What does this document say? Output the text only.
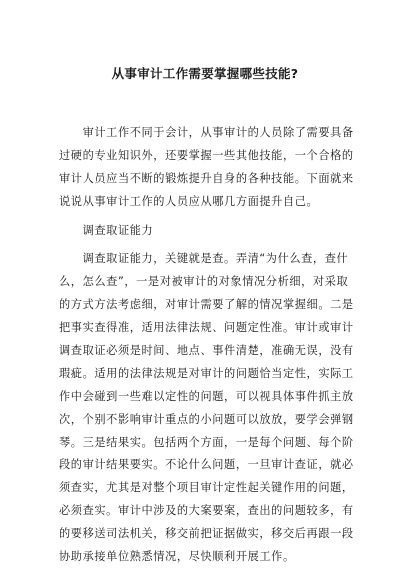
从事审计工作需要掌握哪些技能?
　　审计工作不同于会计，从事审计的人员除了需要具备
过硬的专业知识外，还要掌握一些其他技能，一个合格的
审计人员应当不断的锻炼提升自身的各种技能。下面就来
说说从事审计工作的人员应从哪几方面提升自己。
　　调查取证能力
　　调查取证能力，关键就是查。弄清“为什么查，查什
么，怎么查”，一是对被审计的对象情况分析细，对采取
的方式方法考虑细，对审计需要了解的情况掌握细。二是
把事实查得准，适用法律法规、问题定性准。审计或审计
调查取证必须是时间、地点、事件清楚，准确无误，没有
瑕疵。适用的法律法规是对审计的问题恰当定性，实际工
作中会碰到一些难以定性的问题，可以视具体事件抓主放
次，个别不影响审计重点的小问题可以放放，要学会弹钢
琴。三是结果实。包括两个方面，一是每个问题、每个阶
段的审计结果要实。不论什么问题，一旦审计查证，就必
须查实，尤其是对整个项目审计定性起关键作用的问题，
必须查实。审计中涉及的大案要案，查出的问题较多，有
的要移送司法机关，移交前把证据做实，移交后再跟一段
协助承接单位熟悉情况，尽快顺利开展工作。
